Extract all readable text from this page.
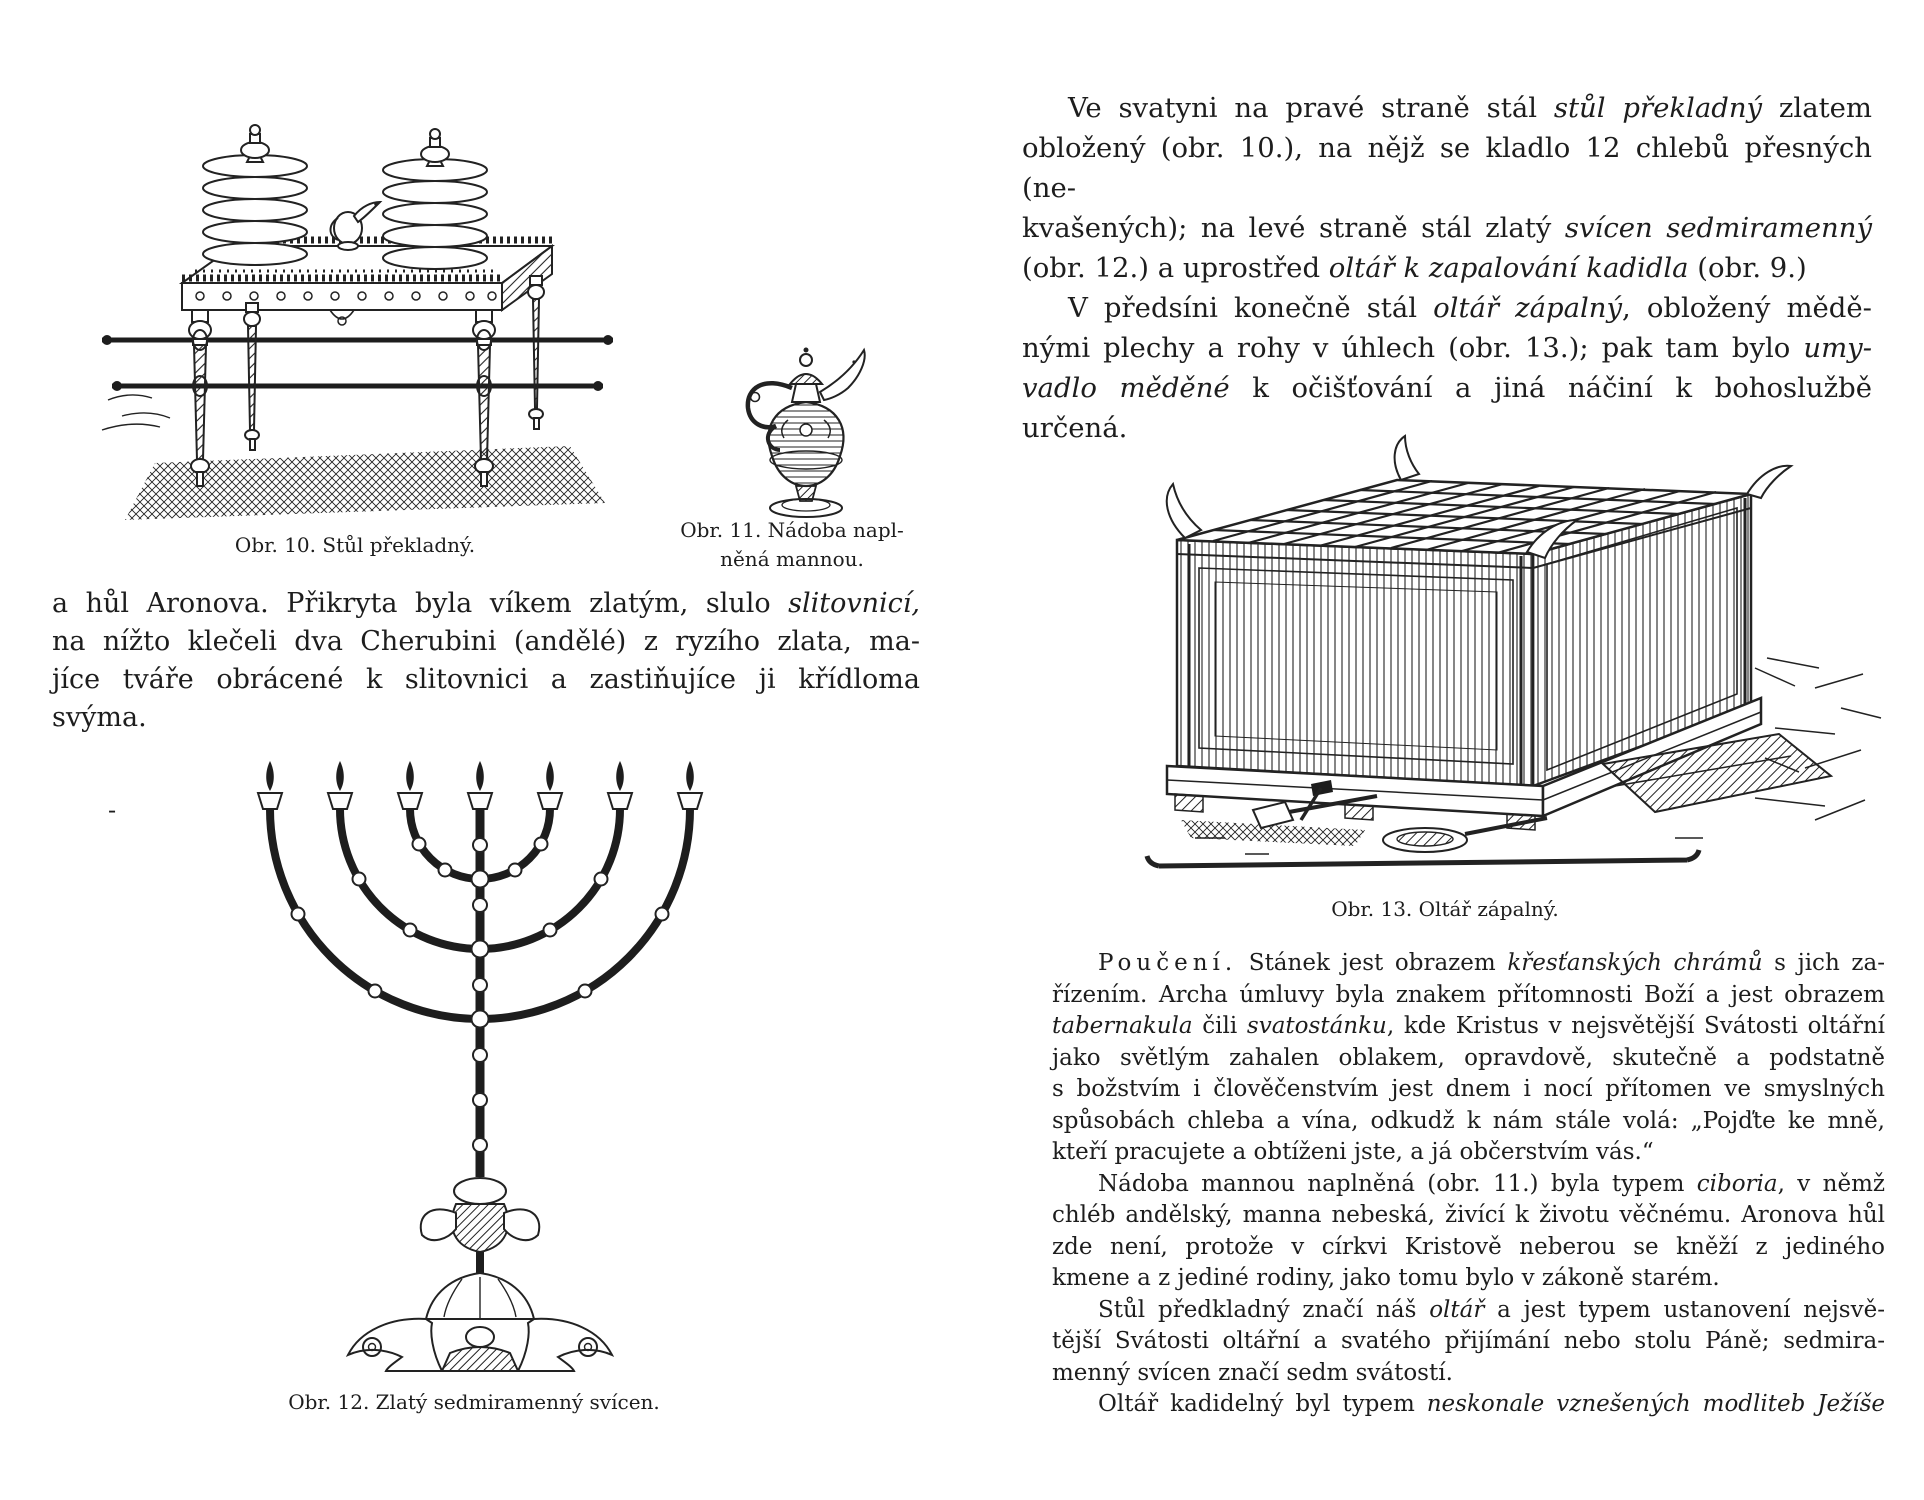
Obr. 10. Stůl překladný.
Obr. 11. Nádoba napl-
něná mannou.
a hůl Aronova. Přikryta byla víkem zlatým, slulo slitovnicí,
na nížto klečeli dva Cherubini (andělé) z ryzího zlata, ma-
jíce tváře obrácené k slitovnici a zastiňujíce ji křídloma
svýma.
-
Obr. 12. Zlatý sedmiramenný svícen.
Ve svatyni na pravé straně stál stůl překladný zlatem
obložený (obr. 10.), na nějž se kladlo 12 chlebů přesných (ne-
kvašených); na levé straně stál zlatý svícen sedmiramenný
(obr. 12.) a uprostřed oltář k zapalování kadidla (obr. 9.)
V předsíni konečně stál oltář zápalný, obložený mědě-
nými plechy a rohy v úhlech (obr. 13.); pak tam bylo umy-
vadlo měděné k očišťování a jiná náčiní k bohoslužbě určená.
Obr. 13. Oltář zápalný.
Poučení. Stánek jest obrazem křesťanských chrámů s jich za-
řízením. Archa úmluvy byla znakem přítomnosti Boží a jest obrazem
tabernakula čili svatostánku, kde Kristus v nejsvětější Svátosti oltářní
jako světlým zahalen oblakem, opravdově, skutečně a podstatně
s božstvím i člověčenstvím jest dnem i nocí přítomen ve smyslných
spůsobách chleba a vína, odkudž k nám stále volá: „Pojďte ke mně,
kteří pracujete a obtíženi jste, a já občerstvím vás.“
Nádoba mannou naplněná (obr. 11.) byla typem ciboria, v němž
chléb andělský, manna nebeská, živící k životu věčnému. Aronova hůl
zde není, protože v církvi Kristově neberou se kněží z jediného
kmene a z jediné rodiny, jako tomu bylo v zákoně starém.
Stůl předkladný značí náš oltář a jest typem ustanovení nejsvě-
tější Svátosti oltářní a svatého přijímání nebo stolu Páně; sedmira-
menný svícen značí sedm svátostí.
Oltář kadidelný byl typem neskonale vznešených modliteb Ježíše
